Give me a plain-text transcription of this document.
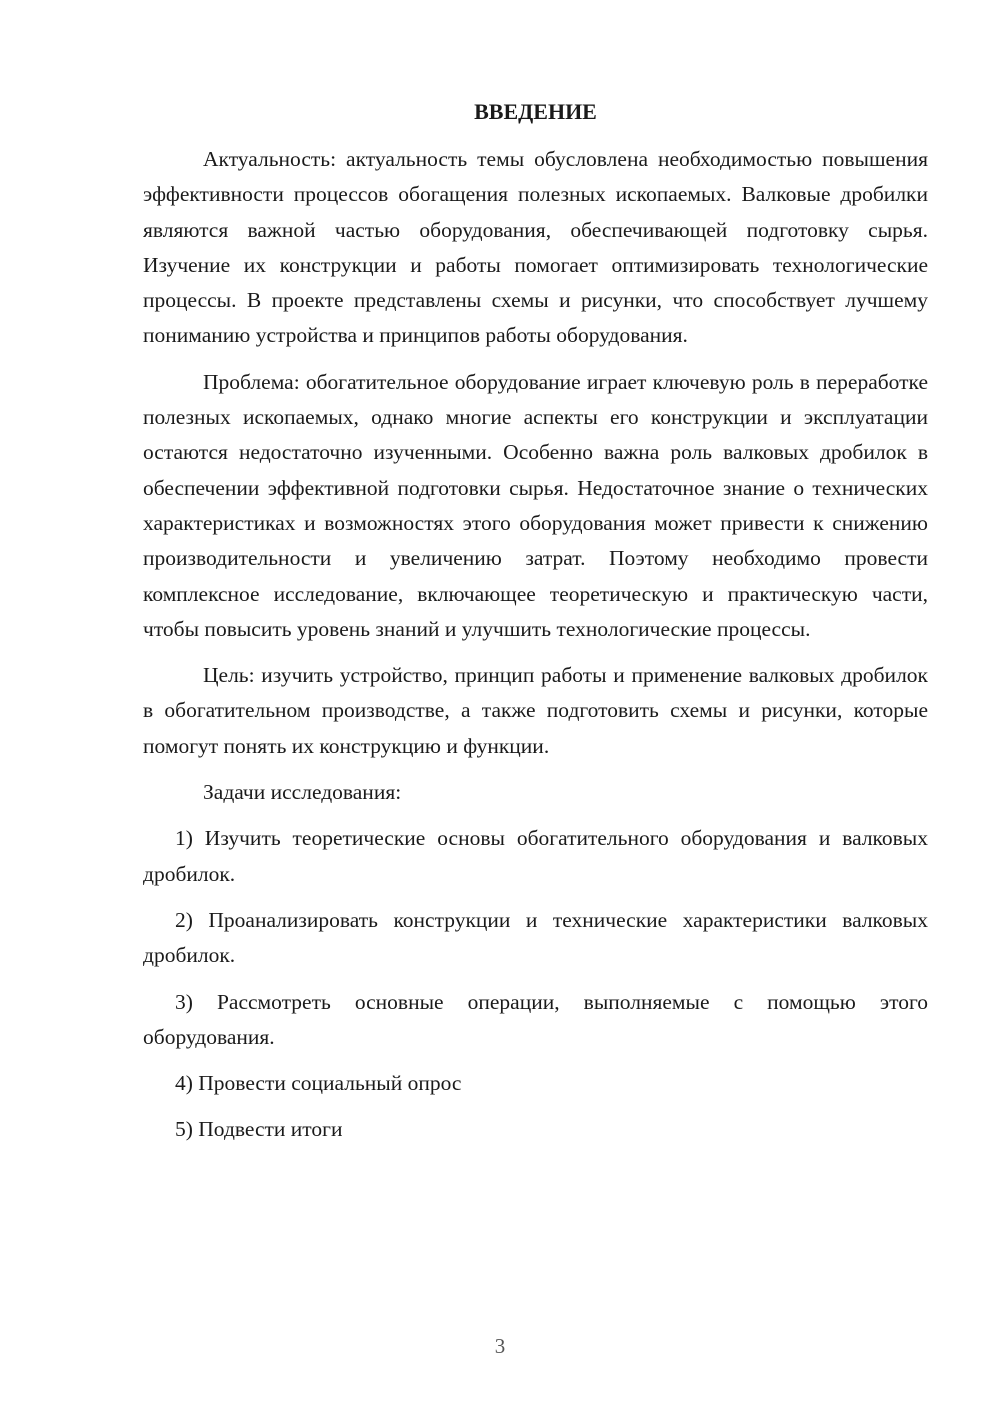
ВВЕДЕНИЕ

Актуальность: актуальность темы обусловлена необходимостью повышения эффективности процессов обогащения полезных ископаемых. Валковые дробилки являются важной частью оборудования, обеспечивающей подготовку сырья. Изучение их конструкции и работы помогает оптимизировать технологические процессы. В проекте представлены схемы и рисунки, что способствует лучшему пониманию устройства и принципов работы оборудования.

Проблема: обогатительное оборудование играет ключевую роль в переработке полезных ископаемых, однако многие аспекты его конструкции и эксплуатации остаются недостаточно изученными. Особенно важна роль валковых дробилок в обеспечении эффективной подготовки сырья. Недостаточное знание о технических характеристиках и возможностях этого оборудования может привести к снижению производительности и увеличению затрат. Поэтому необходимо провести комплексное исследование, включающее теоретическую и практическую части, чтобы повысить уровень знаний и улучшить технологические процессы.

Цель: изучить устройство, принцип работы и применение валковых дробилок в обогатительном производстве, а также подготовить схемы и рисунки, которые помогут понять их конструкцию и функции.

Задачи исследования:

1) Изучить теоретические основы обогатительного оборудования и валковых дробилок.

2) Проанализировать конструкции и технические характеристики валковых дробилок.

3) Рассмотреть основные операции, выполняемые с помощью этого оборудования.

4) Провести социальный опрос

5) Подвести итоги

3
